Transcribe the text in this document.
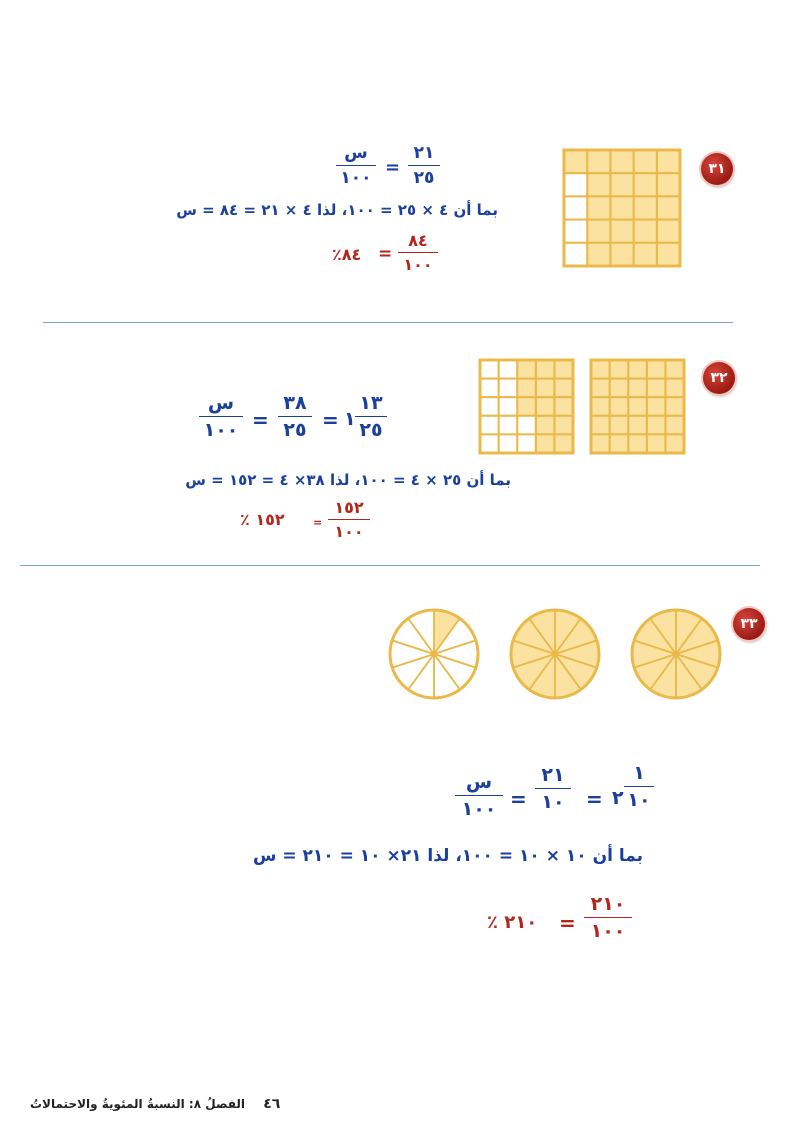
٣١
س
١٠٠ =
٢١
٢٥
بما أن ٤ × ٢٥ = ١٠٠، لذا ٤ × ٢١ = ٨٤ = س
٨٤٪ =
٨٤
١٠٠
٣٢
س
١٠٠ =
٣٨
٢٥ = ١
١٣
٢٥
بما أن ٢٥ × ٤ = ١٠٠، لذا ٣٨× ٤ = ١٥٢ = س
١٥٢ ٪	=
١٥٢
١٠٠
٣٣
س
١٠٠ =
٢١
١٠	= ٢
١
١٠
بما أن ١٠ × ١٠ = ١٠٠، لذا ٢١× ١٠ = ٢١٠ = س
٢١٠ ٪ =
٢١٠
١٠٠
٤٦ الفصلُ ٨: النسبةُ المئويةُ والاحتمالاتُ
